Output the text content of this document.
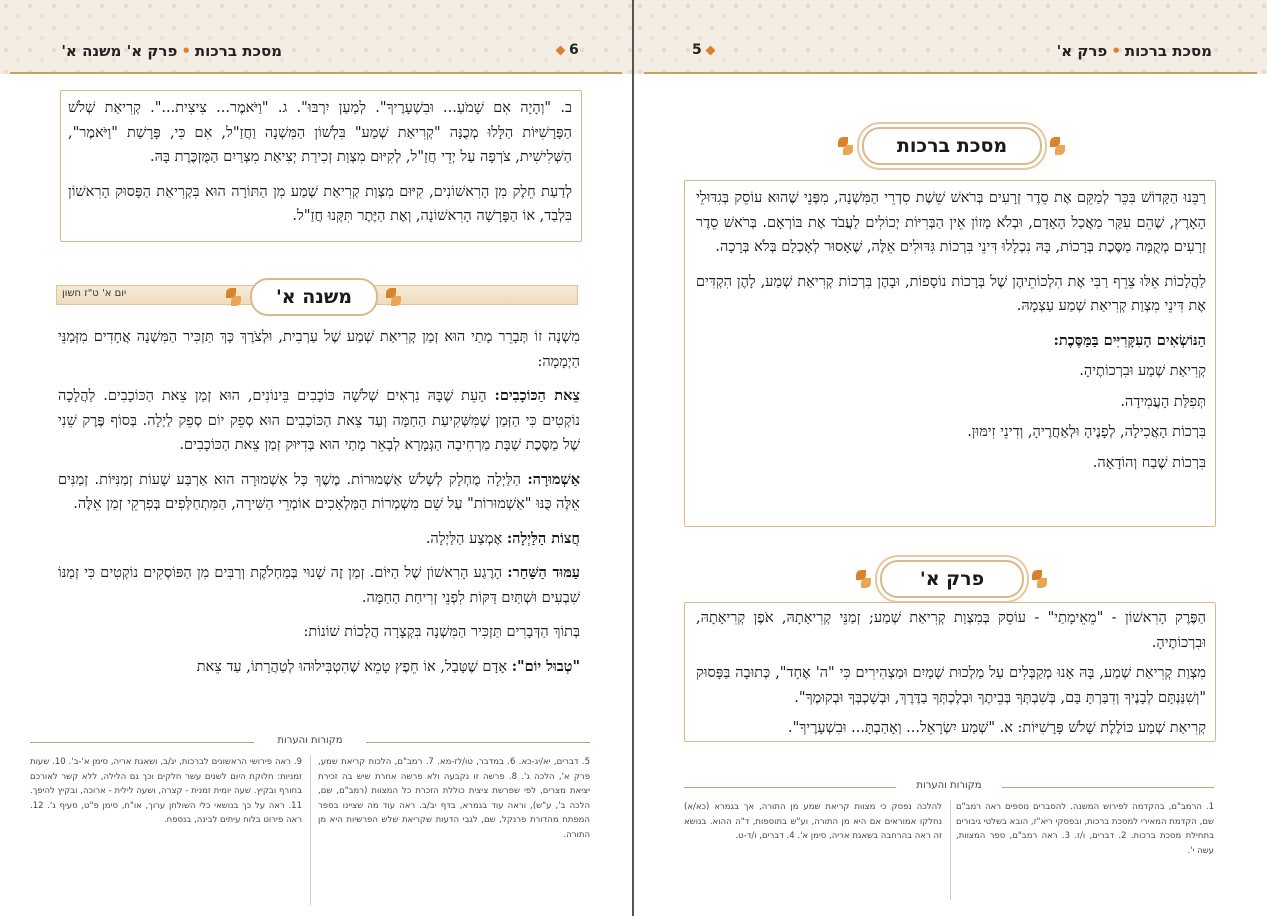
מסכת ברכות•פרק א' משנה א'	6

ב. "וְהָיָה אִם שָׁמֹעַ... וּבִשְׁעָרֶיךָ". לְמַעַן יִרְבּוּ". ג. "וַיֹּאמֶר... צִיצִית...". קְרִיאַת שְׁלֹשׁ הַפָּרָשִׁיּוֹת הַלָּלוּ מְכֻנָּה "קְרִיאַת שְׁמַע" בִּלְשׁוֹן הַמִּשְׁנָה וַחֲזַ"ל, אִם כִּי, פָּרָשַׁת "וַיֹּאמֶר", הַשְּׁלִישִׁית, צֹרְפָה עַל יְדֵי חֲזַ"ל, לְקִיּוּם מִצְוַת זְכִירַת יְצִיאַת מִצְרַיִם הַמֻּזְכֶּרֶת בָּהּ.

לְדַעַת חֵלֶק מִן הָרִאשׁוֹנִים, קִיּוּם מִצְוַת קְרִיאַת שְׁמַע מִן הַתּוֹרָה הוּא בִּקְרִיאַת הַפָּסוּק הָרִאשׁוֹן בִּלְבַד, אוֹ הַפָּרָשָׁה הָרִאשׁוֹנָה, וְאֶת הַיֶּתֶר תִּקְּנוּ חֲזַ"ל.

יום א' ט"ז חשון	משנה א'

מִשְׁנָה זוֹ תְּבָרֵר מָתַי הוּא זְמַן קְרִיאַת שְׁמַע שֶׁל עַרְבִית, וּלְצֹרֶךְ כָּךְ תַּזְכִּיר הַמִּשְׁנָה אֲחָדִים מִזְּמַנֵּי הַיְמָמָה:

צֵאת הַכּוֹכָבִים: הָעֵת שֶׁבָּהּ נִרְאִים שְׁלֹשָׁה כּוֹכָבִים בֵּינוֹנִים, הוּא זְמַן צֵאת הַכּוֹכָבִים. לַהֲלָכָה נוֹקְטִים כִּי הַזְּמַן שֶׁמִּשְּׁקִיעַת הַחַמָּה וְעַד צֵאת הַכּוֹכָבִים הוּא סְפֵק יוֹם סְפֵק לַיְלָה. בְּסוֹף פֶּרֶק שֵׁנִי שֶׁל מַסֶּכֶת שַׁבָּת מַרְחִיבָה הַגְּמָרָא לְבָאֵר מָתַי הוּא בְּדִיּוּק זְמַן צֵאת הַכּוֹכָבִים.

אַשְׁמוּרָה: הַלַּיְלָה מֻחְלָק לְשָׁלֹשׁ אַשְׁמוּרוֹת. מֶשֶׁךְ כָּל אַשְׁמוּרָה הוּא אַרְבַּע שָׁעוֹת זְמַנִּיּוֹת. זְמַנִּים אֵלֶּה כֻּנּוּ "אַשְׁמוּרוֹת" עַל שֵׁם מִשְׁמְרוֹת הַמַּלְאָכִים אוֹמְרֵי הַשִּׁירָה, הַמִּתְחַלְּפִים בְּפִרְקֵי זְמַן אֵלֶּה.

חֲצוֹת הַלַּיְלָה: אֶמְצַע הַלַּיְלָה.

עַמּוּד הַשַּׁחַר: הָרֶגַע הָרִאשׁוֹן שֶׁל הַיּוֹם. זְמַן זֶה שָׁנוּי בְּמַחְלֹקֶת וְרַבִּים מִן הַפּוֹסְקִים נוֹקְטִים כִּי זְמַנּוֹ שִׁבְעִים וּשְׁתַּיִם דַּקּוֹת לִפְנֵי זְרִיחַת הַחַמָּה.

בְּתוֹךְ הַדְּבָרִים תַּזְכִּיר הַמִּשְׁנָה בִּקְצָרָה הֲלָכוֹת שׁוֹנוֹת:

"טְבוּל יוֹם": אָדָם שֶׁטָּבַל, אוֹ חֵפֶץ טָמֵא שֶׁהִטְבִּילוּהוּ לְטַהֲרָתוֹ, עַד צֵאת

מקורות והערות
5. דברים, יא/יג-כא. 6. במדבר, טו/לז-מא. 7. רמב"ם, הלכות קריאת שמע, פרק א', הלכה ג'. 8. פרשה זו נקבעה ולא פרשה אחרת שיש בה זכירת יציאת מצרים, לפי שפרשת ציצית כוללת הזכרת כל המצוות (רמב"ם, שם, הלכה ב', ע"ש), וראה עוד בגמרא, בדף יב/ב. ראה עוד מה שציינו בספר המפתח מהדורת פרנקל, שם, לגבי הדעות שקריאת שלש הפרשיות היא מן התורה.
9. ראה פירושי הראשונים לברכות, יג/ב, ושאגת אריה, סימן א'-ב'. 10. שעות זמניות: חלוקת היום לשנים עשר חלקים וכך גם הלילה, ללא קשר לאורכם בחורף ובקיץ. שעה יומית זמנית - קצרה, ושעה לילית - ארוכה, ובקיץ להיפך. 11. ראה על כך בנושאי כלי השולחן ערוך, או"ח, סימן פ"ט, סעיף ג'. 12. ראה פירוט בלוח עיתים לבינה, בנספח.
מסכת ברכות•פרק א'
5
מסכת ברכות

רַבֵּנוּ הַקָּדוֹשׁ בִּכֵּר לְמַקֵּם אֶת סֵדֶר זְרָעִים בְּרֹאשׁ שֵׁשֶׁת סִדְרֵי הַמִּשְׁנָה, מִפְּנֵי שֶׁהוּא עוֹסֵק בְּגִדּוּלֵי הָאָרֶץ, שֶׁהֵם עִקַּר מַאֲכַל הָאָדָם, וּבְלֹא מָזוֹן אֵין הַבְּרִיּוֹת יְכוֹלִים לַעֲבֹד אֶת בּוֹרְאָם. בְּרֹאשׁ סֵדֶר זְרָעִים מְקֻמָּה מַסֶּכֶת בְּרָכוֹת, בָּהּ נִכְלָלוּ דִּינֵי בִּרְכוֹת גִּדּוּלִים אֵלֶּה, שֶׁאָסוּר לְאָכְלָם בְּלֹא בְּרָכָה.

לַהֲלָכוֹת אֵלּוּ צֵרֵף רַבִּי אֶת הִלְכוֹתֵיהֶן שֶׁל בְּרָכוֹת נוֹסָפוֹת, וּבָהֶן בִּרְכוֹת קְרִיאַת שְׁמַע, לָהֶן הִקְדִּים אֶת דִּינֵי מִצְוַת קְרִיאַת שְׁמַע עַצְמָהּ.

הַנּוֹשְׂאִים הָעִקָּרִיִּים בַּמַּסֶּכֶת:

קְרִיאַת שְׁמַע וּבִרְכוֹתֶיהָ.

תְּפִלַּת הָעֲמִידָה.

בִּרְכוֹת הָאֲכִילָה, לְפָנֶיהָ וּלְאַחֲרֶיהָ, וְדִינֵי זִימּוּן.

בִּרְכוֹת שֶׁבַח וְהוֹדָאָה.

פרק א'

הַפֶּרֶק הָרִאשׁוֹן - "מֵאֵימָתַי" - עוֹסֵק בְּמִצְוַת קְרִיאַת שְׁמַע; זְמַנֵּי קְרִיאָתָהּ, אֹפֶן קְרִיאָתָהּ, וּבִרְכוֹתֶיהָ.

מִצְוַת קְרִיאַת שְׁמַע, בָּהּ אָנוּ מְקַבְּלִים עַל מַלְכוּת שָׁמַיִם וּמַצְהִירִים כִּי "ה' אֶחָד", כְּתוּבָה בַּפָּסוּק "וְשִׁנַּנְתָּם לְבָנֶיךָ וְדִבַּרְתָּ בָּם, בְּשִׁבְתְּךָ בְּבֵיתֶךָ וּבְלֶכְתְּךָ בַדֶּרֶךְ, וּבְשָׁכְבְּךָ וּבְקוּמֶךָ".

קְרִיאַת שְׁמַע כּוֹלֶלֶת שָׁלֹשׁ פָּרָשִׁיּוֹת: א. "שְׁמַע יִשְׂרָאֵל... וְאָהַבְתָּ... וּבִשְׁעָרֶיךָ".

מקורות והערות
1. הרמב"ם, בהקדמה לפירוש המשנה. להסברים נוספים ראה רמב"ם שם, הקדמת המאירי למסכת ברכות, ובפסקי ריא"ז, הובא בשלטי גיבורים בתחילת מסכת ברכות. 2. דברים, ו/ז. 3. ראה רמב"ם, ספר המצוות, עשה י'.
להלכה נפסק כי מצוות קריאת שמע מן התורה, אך בגמרא (כא/א) נחלקו אמוראים אם היא מן התורה, וע"ש בתוספות, ד"ה ההוא. בנושא זה ראה בהרחבה בשאגת אריה, סימן א'. 4. דברים, ו/ד-ט.
